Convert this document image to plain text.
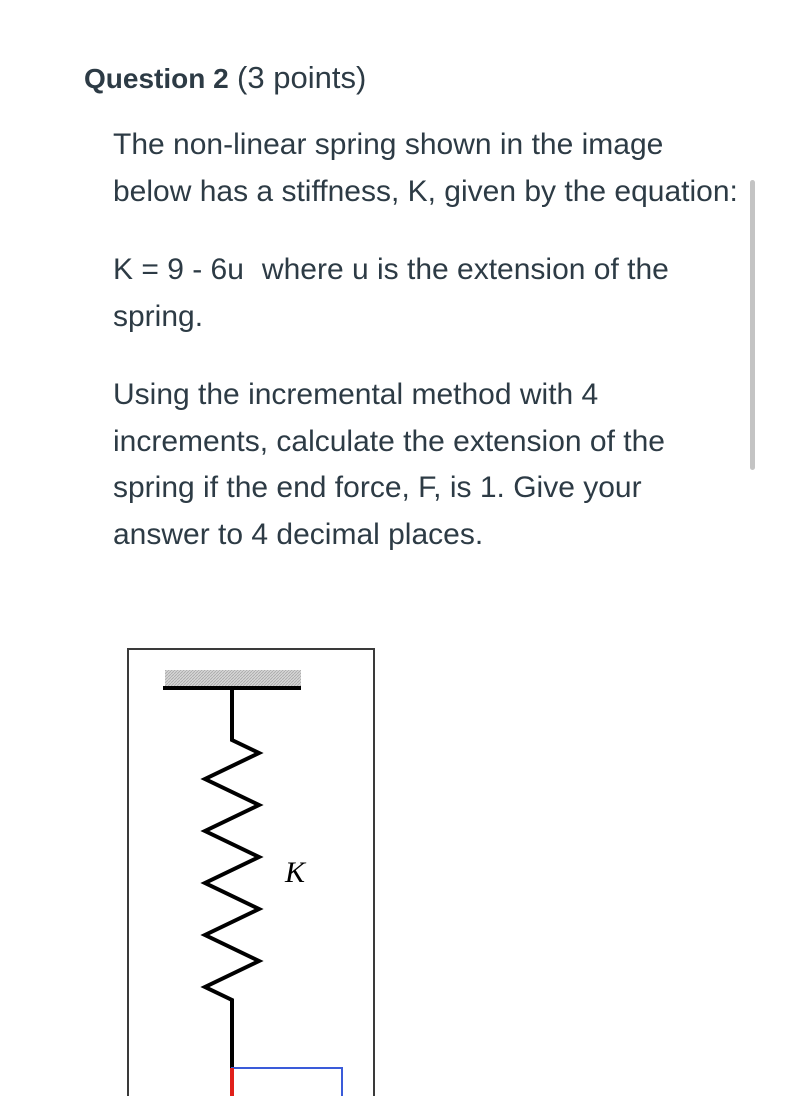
Question 2 (3 points)

The non-linear spring shown in the image below has a stiffness, K, given by the equation:

K = 9 - 6u where u is the extension of the spring.

Using the incremental method with 4 increments, calculate the extension of the spring if the end force, F, is 1. Give your answer to 4 decimal places.

K
